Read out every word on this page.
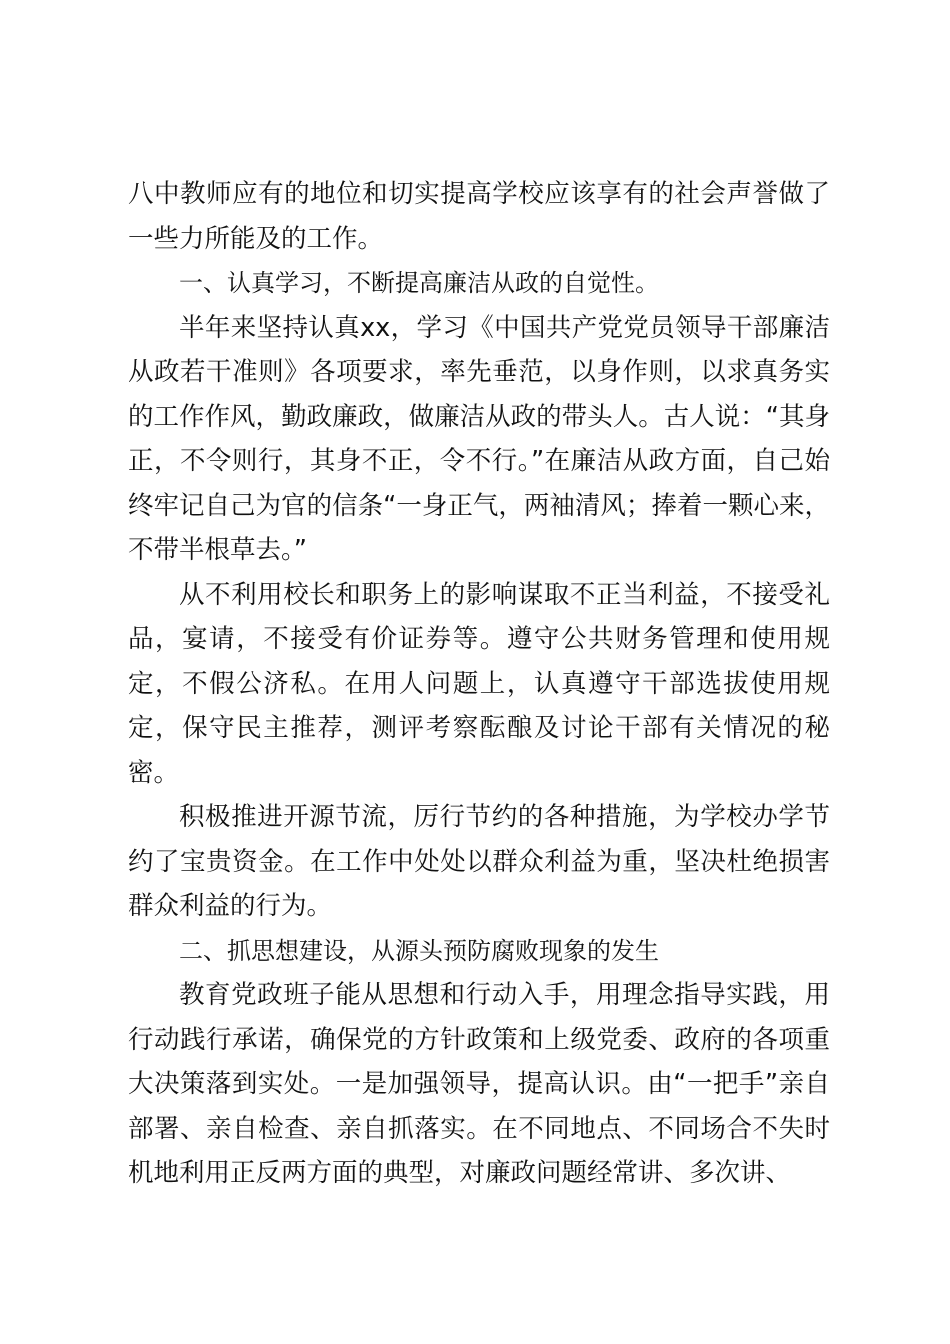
八中教师应有的地位和切实提高学校应该享有的社会声誉做了一些力所能及的工作。

一、认真学习，不断提高廉洁从政的自觉性。

半年来坚持认真xx，学习《中国共产党党员领导干部廉洁从政若干准则》各项要求，率先垂范，以身作则，以求真务实的工作作风，勤政廉政，做廉洁从政的带头人。古人说：“其身正，不令则行，其身不正，令不行。”在廉洁从政方面，自己始终牢记自己为官的信条“一身正气，两袖清风；捧着一颗心来，不带半根草去。”

从不利用校长和职务上的影响谋取不正当利益，不接受礼品，宴请，不接受有价证券等。遵守公共财务管理和使用规定，不假公济私。在用人问题上，认真遵守干部选拔使用规定，保守民主推荐，测评考察酝酿及讨论干部有关情况的秘密。

积极推进开源节流，厉行节约的各种措施，为学校办学节约了宝贵资金。在工作中处处以群众利益为重，坚决杜绝损害群众利益的行为。

二、抓思想建设，从源头预防腐败现象的发生

教育党政班子能从思想和行动入手，用理念指导实践，用行动践行承诺，确保党的方针政策和上级党委、政府的各项重大决策落到实处。一是加强领导，提高认识。由“一把手”亲自部署、亲自检查、亲自抓落实。在不同地点、不同场合不失时机地利用正反两方面的典型，对廉政问题经常讲、多次讲、
